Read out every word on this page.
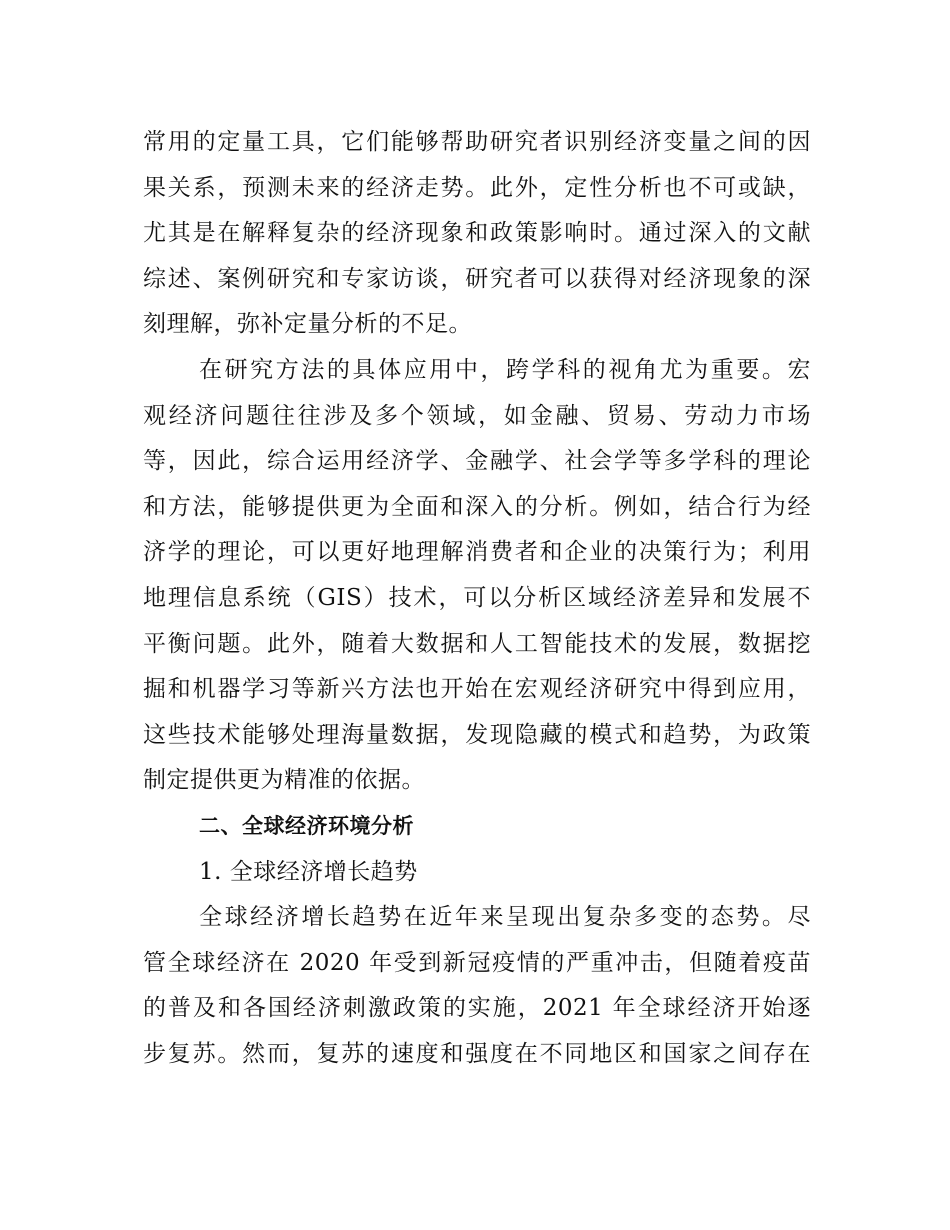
常用的定量工具，它们能够帮助研究者识别经济变量之间的因
果关系，预测未来的经济走势。此外，定性分析也不可或缺，
尤其是在解释复杂的经济现象和政策影响时。通过深入的文献
综述、案例研究和专家访谈，研究者可以获得对经济现象的深
刻理解，弥补定量分析的不足。
在研究方法的具体应用中，跨学科的视角尤为重要。宏
观经济问题往往涉及多个领域，如金融、贸易、劳动力市场
等，因此，综合运用经济学、金融学、社会学等多学科的理论
和方法，能够提供更为全面和深入的分析。例如，结合行为经
济学的理论，可以更好地理解消费者和企业的决策行为；利用
地理信息系统（GIS）技术，可以分析区域经济差异和发展不
平衡问题。此外，随着大数据和人工智能技术的发展，数据挖
掘和机器学习等新兴方法也开始在宏观经济研究中得到应用，
这些技术能够处理海量数据，发现隐藏的模式和趋势，为政策
制定提供更为精准的依据。
二、全球经济环境分析
1. 全球经济增长趋势
全球经济增长趋势在近年来呈现出复杂多变的态势。尽
管全球经济在 2020 年受到新冠疫情的严重冲击，但随着疫苗
的普及和各国经济刺激政策的实施，2021 年全球经济开始逐
步复苏。然而，复苏的速度和强度在不同地区和国家之间存在
